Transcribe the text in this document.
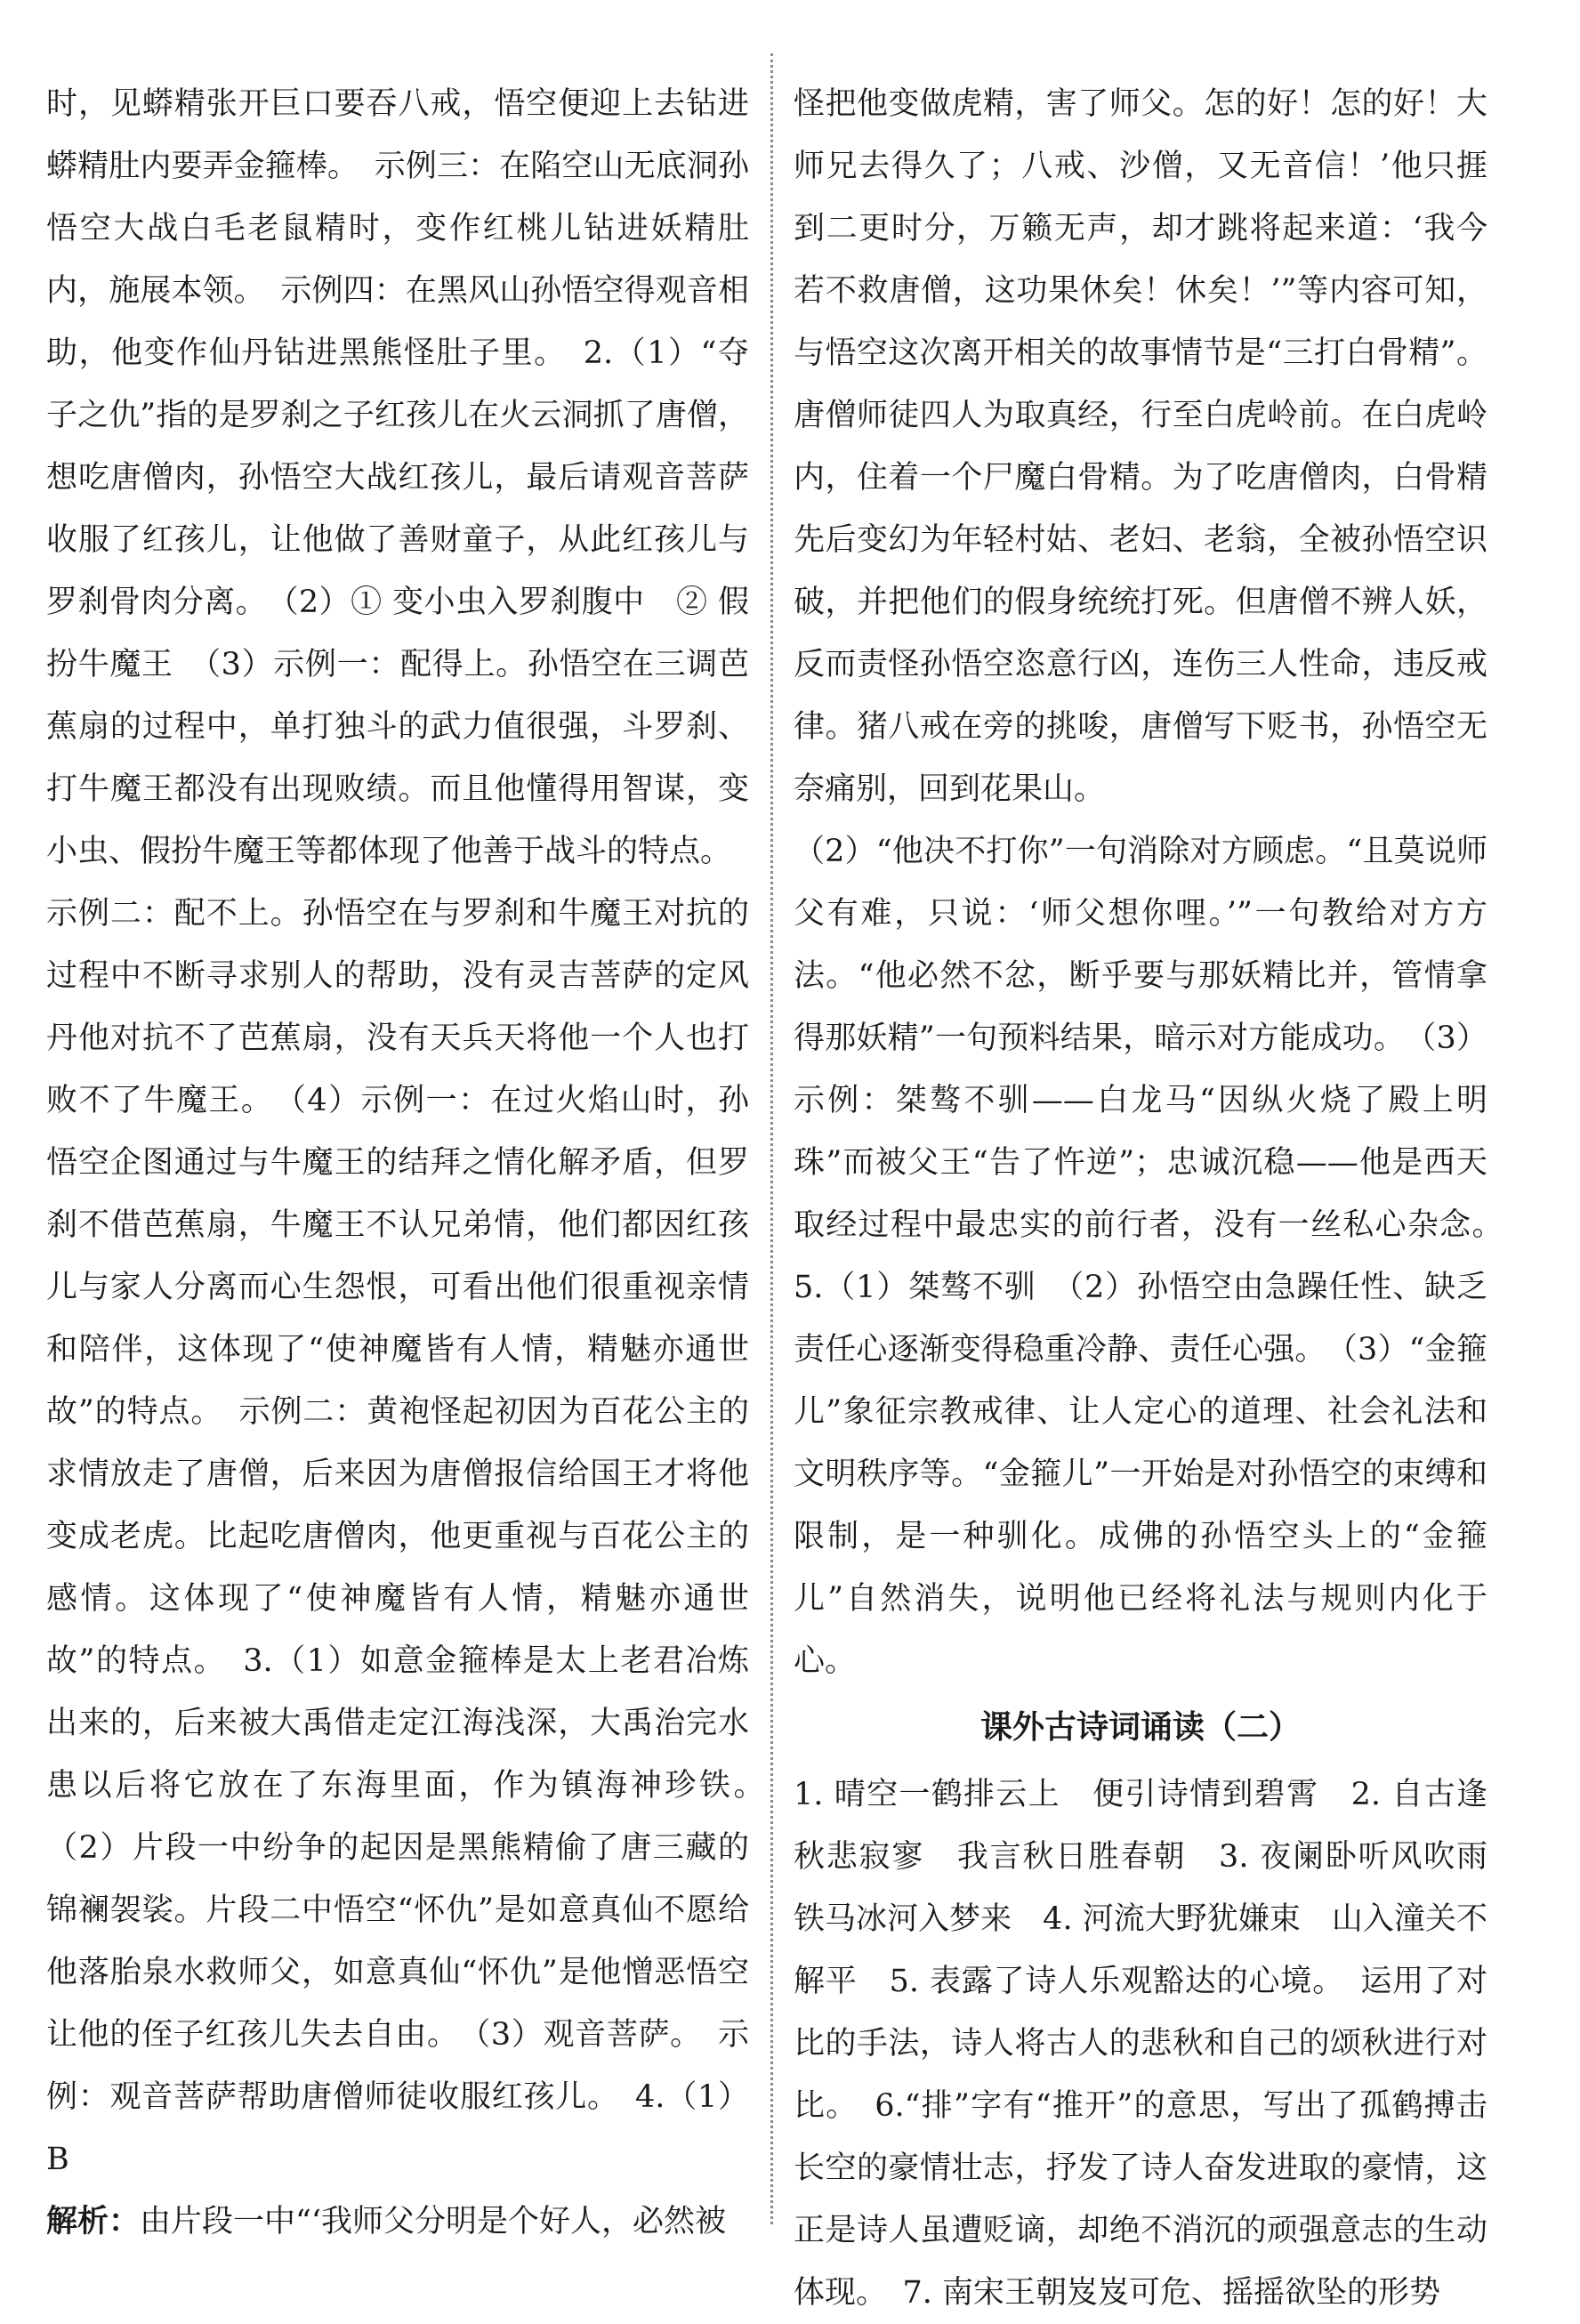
时，见蟒精张开巨口要吞八戒，悟空便迎上去钻进蟒精肚内要弄金箍棒。　示例三：在陷空山无底洞孙悟空大战白毛老鼠精时，变作红桃儿钻进妖精肚内，施展本领。　示例四：在黑风山孙悟空得观音相助，他变作仙丹钻进黑熊怪肚子里。　2.（1）“夺子之仇”指的是罗刹之子红孩儿在火云洞抓了唐僧，想吃唐僧肉，孙悟空大战红孩儿，最后请观音菩萨收服了红孩儿，让他做了善财童子，从此红孩儿与罗刹骨肉分离。　（2）① 变小虫入罗刹腹中　② 假扮牛魔王　（3）示例一：配得上。孙悟空在三调芭蕉扇的过程中，单打独斗的武力值很强，斗罗刹、打牛魔王都没有出现败绩。而且他懂得用智谋，变小虫、假扮牛魔王等都体现了他善于战斗的特点。

示例二：配不上。孙悟空在与罗刹和牛魔王对抗的过程中不断寻求别人的帮助，没有灵吉菩萨的定风丹他对抗不了芭蕉扇，没有天兵天将他一个人也打败不了牛魔王。　（4）示例一：在过火焰山时，孙悟空企图通过与牛魔王的结拜之情化解矛盾，但罗刹不借芭蕉扇，牛魔王不认兄弟情，他们都因红孩儿与家人分离而心生怨恨，可看出他们很重视亲情和陪伴，这体现了“使神魔皆有人情，精魅亦通世故”的特点。　示例二：黄袍怪起初因为百花公主的求情放走了唐僧，后来因为唐僧报信给国王才将他变成老虎。比起吃唐僧肉，他更重视与百花公主的感情。这体现了“使神魔皆有人情，精魅亦通世故”的特点。　3.（1）如意金箍棒是太上老君冶炼出来的，后来被大禹借走定江海浅深，大禹治完水患以后将它放在了东海里面，作为镇海神珍铁。　（2）片段一中纷争的起因是黑熊精偷了唐三藏的锦襕袈裟。片段二中悟空“怀仇”是如意真仙不愿给他落胎泉水救师父，如意真仙“怀仇”是他憎恶悟空让他的侄子红孩儿失去自由。　（3）观音菩萨。　示例：观音菩萨帮助唐僧师徒收服红孩儿。　4.（1）B

解析：由片段一中“‘我师父分明是个好人，必然被

怪把他变做虎精，害了师父。怎的好！怎的好！大师兄去得久了；八戒、沙僧，又无音信！’他只捱到二更时分，万籁无声，却才跳将起来道：‘我今若不救唐僧，这功果休矣！休矣！’”等内容可知，与悟空这次离开相关的故事情节是“三打白骨精”。唐僧师徒四人为取真经，行至白虎岭前。在白虎岭内，住着一个尸魔白骨精。为了吃唐僧肉，白骨精先后变幻为年轻村姑、老妇、老翁，全被孙悟空识破，并把他们的假身统统打死。但唐僧不辨人妖，反而责怪孙悟空恣意行凶，连伤三人性命，违反戒律。猪八戒在旁的挑唆，唐僧写下贬书，孙悟空无奈痛别，回到花果山。

（2）“他决不打你”一句消除对方顾虑。“且莫说师父有难，只说：‘师父想你哩。’”一句教给对方方法。“他必然不忿，断乎要与那妖精比并，管情拿得那妖精”一句预料结果，暗示对方能成功。　（3）示例：桀骜不驯——白龙马“因纵火烧了殿上明珠”而被父王“告了忤逆”；忠诚沉稳——他是西天取经过程中最忠实的前行者，没有一丝私心杂念。　5.（1）桀骜不驯　（2）孙悟空由急躁任性、缺乏责任心逐渐变得稳重冷静、责任心强。　（3）“金箍儿”象征宗教戒律、让人定心的道理、社会礼法和文明秩序等。“金箍儿”一开始是对孙悟空的束缚和限制，是一种驯化。成佛的孙悟空头上的“金箍儿”自然消失，说明他已经将礼法与规则内化于心。

课外古诗词诵读（二）

1. 晴空一鹤排云上　便引诗情到碧霄　2. 自古逢秋悲寂寥　我言秋日胜春朝　3. 夜阑卧听风吹雨　铁马冰河入梦来　4. 河流大野犹嫌束　山入潼关不解平　5. 表露了诗人乐观豁达的心境。　运用了对比的手法，诗人将古人的悲秋和自己的颂秋进行对比。　6.“排”字有“推开”的意思，写出了孤鹤搏击长空的豪情壮志，抒发了诗人奋发进取的豪情，这正是诗人虽遭贬谪，却绝不消沉的顽强意志的生动体现。　7. 南宋王朝岌岌可危、摇摇欲坠的形势
